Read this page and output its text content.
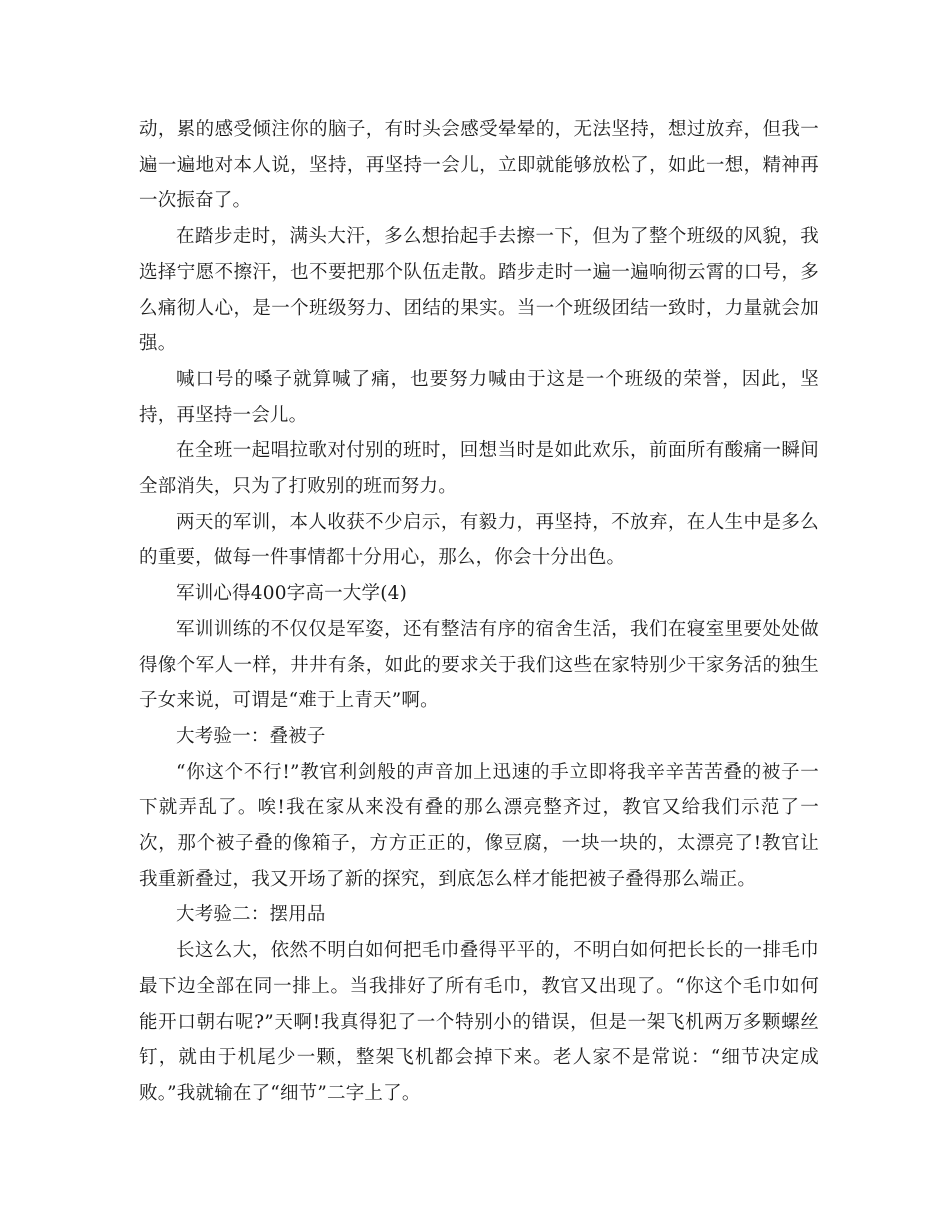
动，累的感受倾注你的脑子，有时头会感受晕晕的，无法坚持，想过放弃，但我一遍一遍地对本人说，坚持，再坚持一会儿，立即就能够放松了，如此一想，精神再一次振奋了。

在踏步走时，满头大汗，多么想抬起手去擦一下，但为了整个班级的风貌，我选择宁愿不擦汗，也不要把那个队伍走散。踏步走时一遍一遍响彻云霄的口号，多么痛彻人心，是一个班级努力、团结的果实。当一个班级团结一致时，力量就会加强。

喊口号的嗓子就算喊了痛，也要努力喊由于这是一个班级的荣誉，因此，坚持，再坚持一会儿。

在全班一起唱拉歌对付别的班时，回想当时是如此欢乐，前面所有酸痛一瞬间全部消失，只为了打败别的班而努力。

两天的军训，本人收获不少启示，有毅力，再坚持，不放弃，在人生中是多么的重要，做每一件事情都十分用心，那么，你会十分出色。

军训心得400字高一大学(4)

军训训练的不仅仅是军姿，还有整洁有序的宿舍生活，我们在寝室里要处处做得像个军人一样，井井有条，如此的要求关于我们这些在家特别少干家务活的独生子女来说，可谓是“难于上青天”啊。

大考验一：叠被子

“你这个不行!”教官利剑般的声音加上迅速的手立即将我辛辛苦苦叠的被子一下就弄乱了。唉!我在家从来没有叠的那么漂亮整齐过，教官又给我们示范了一次，那个被子叠的像箱子，方方正正的，像豆腐，一块一块的，太漂亮了!教官让我重新叠过，我又开场了新的探究，到底怎么样才能把被子叠得那么端正。

大考验二：摆用品

长这么大，依然不明白如何把毛巾叠得平平的，不明白如何把长长的一排毛巾最下边全部在同一排上。当我排好了所有毛巾，教官又出现了。“你这个毛巾如何能开口朝右呢?”天啊!我真得犯了一个特别小的错误，但是一架飞机两万多颗螺丝钉，就由于机尾少一颗，整架飞机都会掉下来。老人家不是常说：“细节决定成败。”我就输在了“细节”二字上了。
